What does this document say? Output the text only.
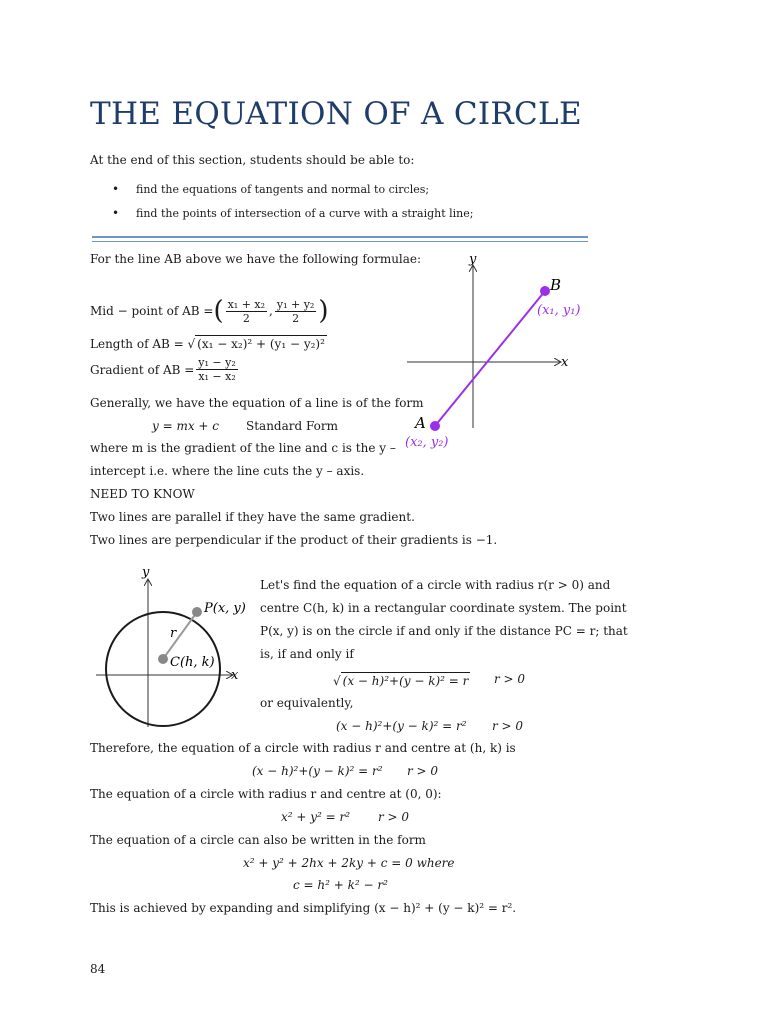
THE EQUATION OF A CIRCLE
At the end of this section, students should be able to:
• find the equations of tangents and normal to circles;
• find the points of intersection of a curve with a straight line;
For the line AB above we have the following formulae:
Mid − point of AB = ( $\frac{\text{x₁ + x₂}}{2}$ , $\frac{\text{y₁ + y₂}}{2}$ )
Length of AB = √ (x₁ − x₂)² + (y₁ − y₂)²
Gradient of AB = $\frac{\text{y₁ − y₂}}{\text{x₁ − x₂}}$
Generally, we have the equation of a line is of the form
y = mx + c Standard Form
where m is the gradient of the line and c is the y –
intercept i.e. where the line cuts the y – axis.
NEED TO KNOW
Two lines are parallel if they have the same gradient.
Two lines are perpendicular if the product of their gradients is −1.
y
x
B
(x₁, y₁)
A
(x₂, y₂)
y
x
P(x, y)
r
C(h, k)
Let's find the equation of a circle with radius r(r > 0) and
centre C(h, k) in a rectangular coordinate system. The point
P(x, y) is on the circle if and only if the distance PC = r; that
is, if and only if
√ (x − h)²+(y − k)² = r r > 0
or equivalently,
(x − h)²+(y − k)² = r² r > 0
Therefore, the equation of a circle with radius r and centre at (h, k) is
(x − h)²+(y − k)² = r² r > 0
The equation of a circle with radius r and centre at (0, 0):
x² + y² = r² r > 0
The equation of a circle can also be written in the form
x² + y² + 2hx + 2ky + c = 0 where
c = h² + k² − r²
This is achieved by expanding and simplifying (x − h)² + (y − k)² = r².
84
